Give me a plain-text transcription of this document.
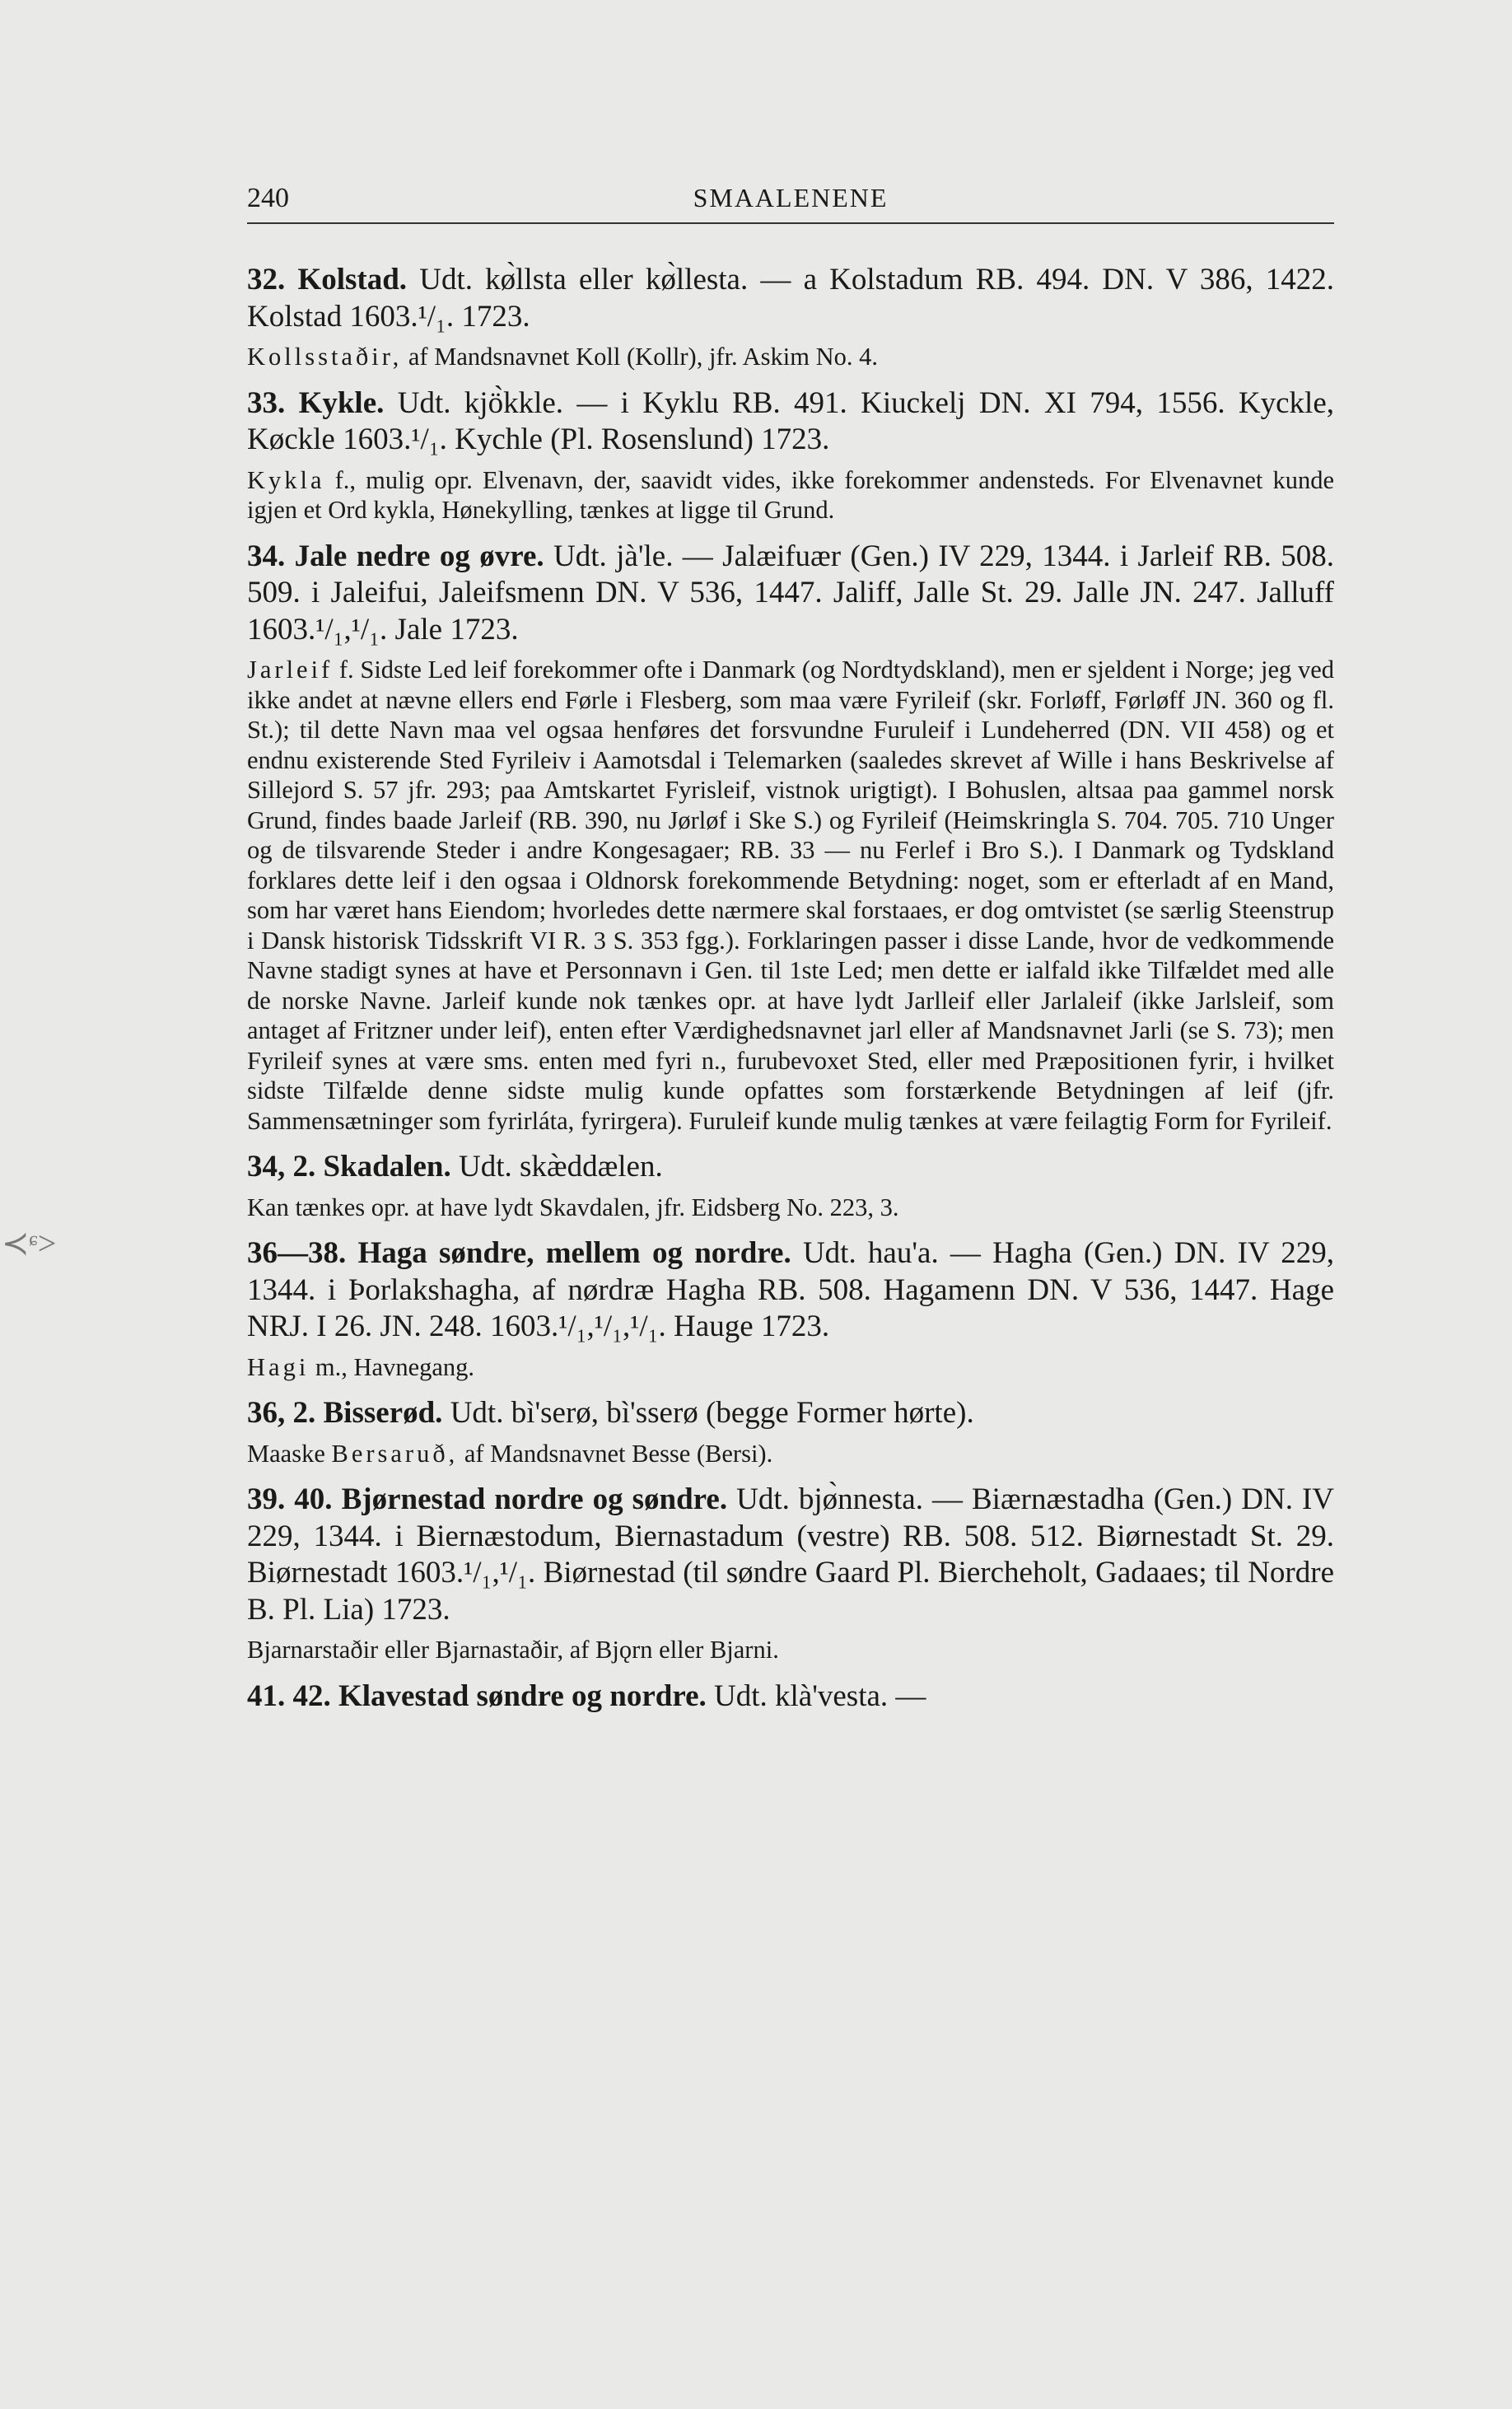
240	SMAALENENE
≺ᶝ>

32. Kolstad. Udt. kø̀llsta eller kø̀llesta. — a Kolstadum RB. 494. DN. V 386, 1422. Kolstad 1603.¹/₁. 1723.

Kollsstaðir, af Mandsnavnet Koll (Kollr), jfr. Askim No. 4.

33. Kykle. Udt. kjö̀kkle. — i Kyklu RB. 491. Kiuckelj DN. XI 794, 1556. Kyckle, Køckle 1603.¹/₁. Kychle (Pl. Rosenslund) 1723.

Kykla f., mulig opr. Elvenavn, der, saavidt vides, ikke forekommer andensteds. For Elvenavnet kunde igjen et Ord kykla, Hønekylling, tænkes at ligge til Grund.

34. Jale nedre og øvre. Udt. jà'le. — Jalæifuær (Gen.) IV 229, 1344. i Jarleif RB. 508. 509. i Jaleifui, Jaleifsmenn DN. V 536, 1447. Jaliff, Jalle St. 29. Jalle JN. 247. Jalluff 1603.¹/₁,¹/₁. Jale 1723.

Jarleif f. Sidste Led leif forekommer ofte i Danmark (og Nordtydskland), men er sjeldent i Norge; jeg ved ikke andet at nævne ellers end Førle i Flesberg, som maa være Fyrileif (skr. Forløff, Førløff JN. 360 og fl. St.); til dette Navn maa vel ogsaa henføres det forsvundne Furuleif i Lundeherred (DN. VII 458) og et endnu existerende Sted Fyrileiv i Aamotsdal i Telemarken (saaledes skrevet af Wille i hans Beskrivelse af Sillejord S. 57 jfr. 293; paa Amtskartet Fyrisleif, vistnok urigtigt). I Bohuslen, altsaa paa gammel norsk Grund, findes baade Jarleif (RB. 390, nu Jørløf i Ske S.) og Fyrileif (Heimskringla S. 704. 705. 710 Unger og de tilsvarende Steder i andre Kongesagaer; RB. 33 — nu Ferlef i Bro S.). I Danmark og Tydskland forklares dette leif i den ogsaa i Oldnorsk forekommende Betydning: noget, som er efterladt af en Mand, som har været hans Eiendom; hvorledes dette nærmere skal forstaaes, er dog omtvistet (se særlig Steenstrup i Dansk historisk Tidsskrift VI R. 3 S. 353 fgg.). Forklaringen passer i disse Lande, hvor de vedkommende Navne stadigt synes at have et Personnavn i Gen. til 1ste Led; men dette er ialfald ikke Tilfældet med alle de norske Navne. Jarleif kunde nok tænkes opr. at have lydt Jarlleif eller Jarlaleif (ikke Jarlsleif, som antaget af Fritzner under leif), enten efter Værdighedsnavnet jarl eller af Mandsnavnet Jarli (se S. 73); men Fyrileif synes at være sms. enten med fyri n., furubevoxet Sted, eller med Præpositionen fyrir, i hvilket sidste Tilfælde denne sidste mulig kunde opfattes som forstærkende Betydningen af leif (jfr. Sammensætninger som fyrirláta, fyrirgera). Furuleif kunde mulig tænkes at være feilagtig Form for Fyrileif.

34, 2. Skadalen. Udt. skæ̀ddælen.

Kan tænkes opr. at have lydt Skavdalen, jfr. Eidsberg No. 223, 3.

36—38. Haga søndre, mellem og nordre. Udt. hau'a. — Hagha (Gen.) DN. IV 229, 1344. i Þorlakshagha, af nørdræ Hagha RB. 508. Hagamenn DN. V 536, 1447. Hage NRJ. I 26. JN. 248. 1603.¹/₁,¹/₁,¹/₁. Hauge 1723.

Hagi m., Havnegang.

36, 2. Bisserød. Udt. bì'serø, bì'sserø (begge Former hørte).

Maaske Bersaruð, af Mandsnavnet Besse (Bersi).

39. 40. Bjørnestad nordre og søndre. Udt. bjø̀nnesta. — Biærnæstadha (Gen.) DN. IV 229, 1344. i Biernæstodum, Biernastadum (vestre) RB. 508. 512. Biørnestadt St. 29. Biørnestadt 1603.¹/₁,¹/₁. Biørnestad (til søndre Gaard Pl. Biercheholt, Gadaaes; til Nordre B. Pl. Lia) 1723.

Bjarnarstaðir eller Bjarnastaðir, af Bjǫrn eller Bjarni.

41. 42. Klavestad søndre og nordre. Udt. klà'vesta. —
